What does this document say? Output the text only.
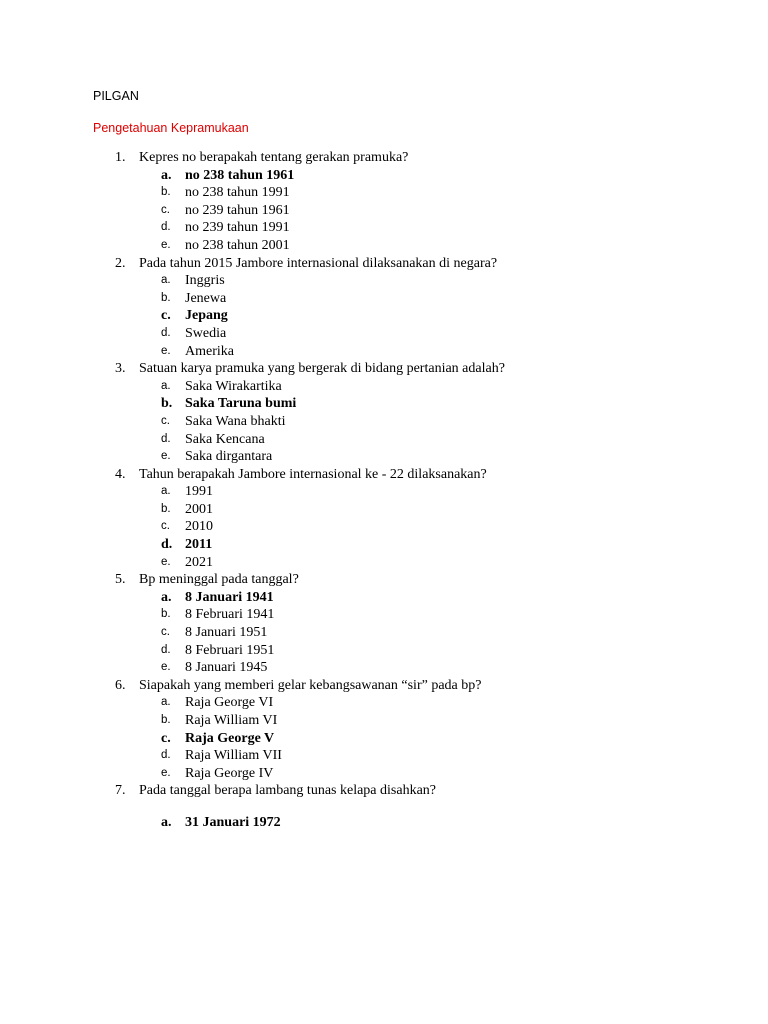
PILGAN
Pengetahuan Kepramukaan
1. Kepres no berapakah tentang gerakan pramuka?
a. no 238 tahun 1961
b. no 238 tahun 1991
c. no 239 tahun 1961
d. no 239 tahun 1991
e. no 238 tahun 2001
2. Pada tahun 2015 Jambore internasional dilaksanakan di negara?
a. Inggris
b. Jenewa
c. Jepang
d. Swedia
e. Amerika
3. Satuan karya pramuka yang bergerak di bidang pertanian adalah?
a. Saka Wirakartika
b. Saka Taruna bumi
c. Saka Wana bhakti
d. Saka Kencana
e. Saka dirgantara
4. Tahun berapakah Jambore internasional ke - 22 dilaksanakan?
a. 1991
b. 2001
c. 2010
d. 2011
e. 2021
5. Bp meninggal pada tanggal?
a. 8 Januari 1941
b. 8 Februari 1941
c. 8 Januari 1951
d. 8 Februari 1951
e. 8 Januari 1945
6. Siapakah yang memberi gelar kebangsawanan “sir” pada bp?
a. Raja George VI
b. Raja William VI
c. Raja George V
d. Raja William VII
e. Raja George IV
7. Pada tanggal berapa lambang tunas kelapa disahkan?
a. 31 Januari 1972
